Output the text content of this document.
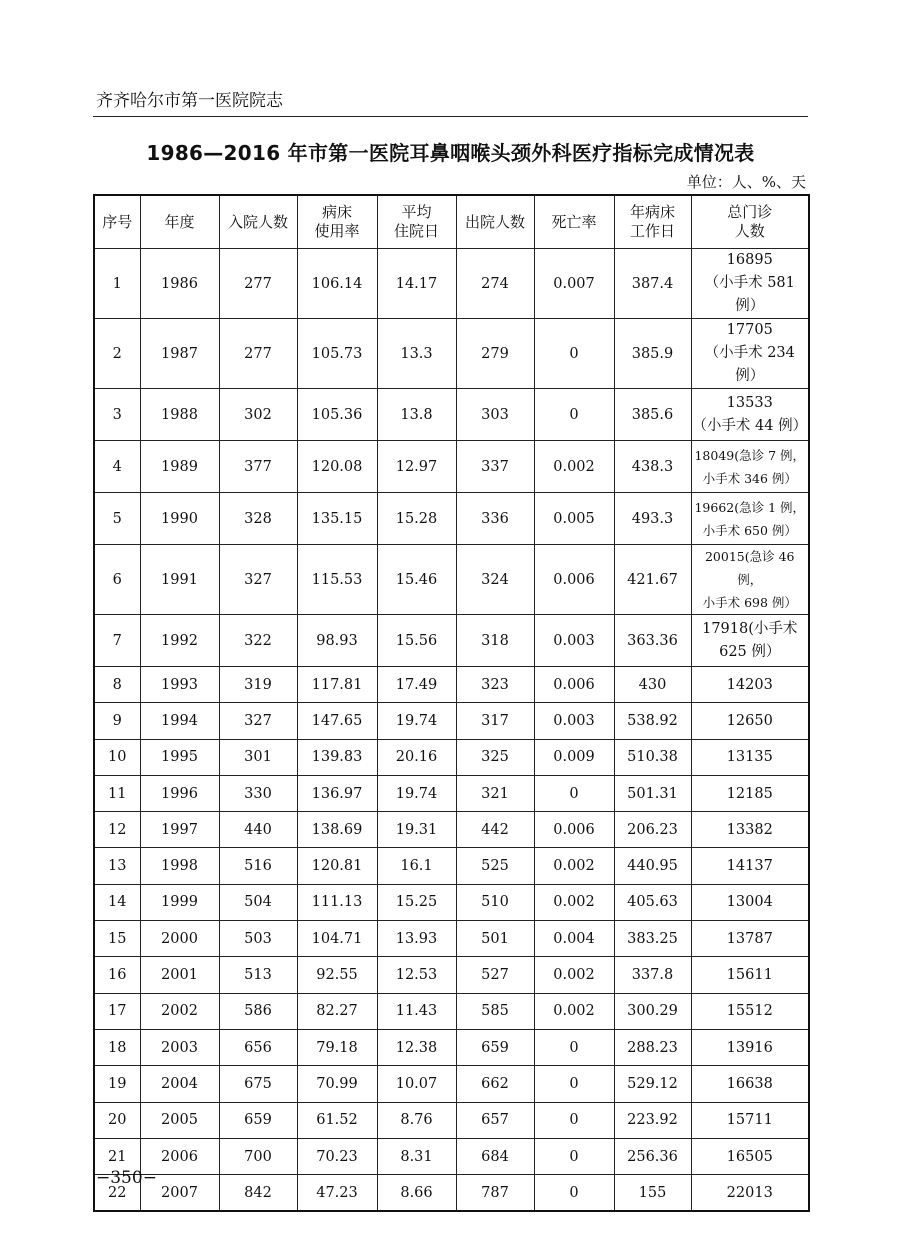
齐齐哈尔市第一医院院志
1986—2016 年市第一医院耳鼻咽喉头颈外科医疗指标完成情况表
单位：人、%、天
序号	年度	入院人数	病床
使用率	平均
住院日	出院人数	死亡率	年病床
工作日	总门诊
人数
1	1986	277	106.14	14.17	274	0.007	387.4	16895
（小手术 581 例）
2	1987	277	105.73	13.3	279	0	385.9	17705
（小手术 234 例）
3	1988	302	105.36	13.8	303	0	385.6	13533
（小手术 44 例）
4	1989	377	120.08	12.97	337	0.002	438.3	18049(急诊 7 例，
小手术 346 例）
5	1990	328	135.15	15.28	336	0.005	493.3	19662(急诊 1 例，
小手术 650 例）
6	1991	327	115.53	15.46	324	0.006	421.67	20015(急诊 46 例，
小手术 698 例）
7	1992	322	98.93	15.56	318	0.003	363.36	17918(小手术
625 例）
8	1993	319	117.81	17.49	323	0.006	430	14203
9	1994	327	147.65	19.74	317	0.003	538.92	12650
10	1995	301	139.83	20.16	325	0.009	510.38	13135
11	1996	330	136.97	19.74	321	0	501.31	12185
12	1997	440	138.69	19.31	442	0.006	206.23	13382
13	1998	516	120.81	16.1	525	0.002	440.95	14137
14	1999	504	111.13	15.25	510	0.002	405.63	13004
15	2000	503	104.71	13.93	501	0.004	383.25	13787
16	2001	513	92.55	12.53	527	0.002	337.8	15611
17	2002	586	82.27	11.43	585	0.002	300.29	15512
18	2003	656	79.18	12.38	659	0	288.23	13916
19	2004	675	70.99	10.07	662	0	529.12	16638
20	2005	659	61.52	8.76	657	0	223.92	15711
21	2006	700	70.23	8.31	684	0	256.36	16505
22	2007	842	47.23	8.66	787	0	155	22013
−350−
